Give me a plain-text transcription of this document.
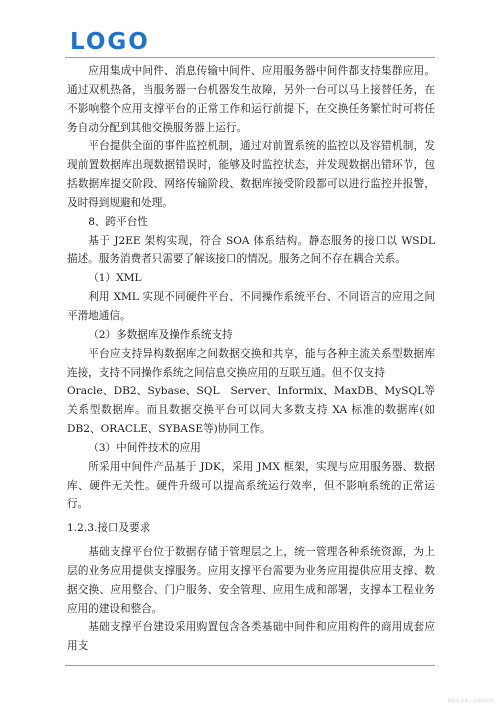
LOGO

应用集成中间件、消息传输中间件、应用服务器中间件都支持集群应用。通过双机热备，当服务器一台机器发生故障，另外一台可以马上接替任务，在不影响整个应用支撑平台的正常工作和运行前提下，在交换任务繁忙时可将任务自动分配到其他交换服务器上运行。

平台提供全面的事件监控机制，通过对前置系统的监控以及容错机制，发现前置数据库出现数据错误时，能够及时监控状态，并发现数据出错环节，包括数据库提交阶段、网络传输阶段、数据库接受阶段都可以进行监控并报警，及时得到规避和处理。

8、跨平台性

基于 J2EE 架构实现，符合 SOA 体系结构。静态服务的接口以 WSDL 描述。服务消费者只需要了解该接口的情况。服务之间不存在耦合关系。

（1）XML

利用 XML 实现不同硬件平台、不同操作系统平台、不同语言的应用之间平滑地通信。

（2）多数据库及操作系统支持

平台应支持异构数据库之间数据交换和共享，能与各种主流关系型数据库连接，支持不同操作系统之间信息交换应用的互联互通。但不仅支持

Oracle、DB2、Sybase、SQL　Server、Informix、MaxDB、MySQL等关系型数据库。而且数据交换平台可以同大多数支持 XA 标准的数据库(如 DB2、ORACLE、SYBASE等)协同工作。

（3）中间件技术的应用

所采用中间件产品基于 JDK，采用 JMX 框架，实现与应用服务器、数据库、硬件无关性。硬件升级可以提高系统运行效率，但不影响系统的正常运行。

1.2.3.接口及要求

基础支撑平台位于数据存储于管理层之上，统一管理各种系统资源，为上层的业务应用提供支撑服务。应用支撑平台需要为业务应用提供应用支撑、数据交换、应用整合、门户服务、安全管理、应用生成和部署，支撑本工程业务应用的建设和整合。

基础支撑平台建设采用购置包含各类基础中间件和应用构件的商用成套应用支

LOGO 有限公司 版权所有
